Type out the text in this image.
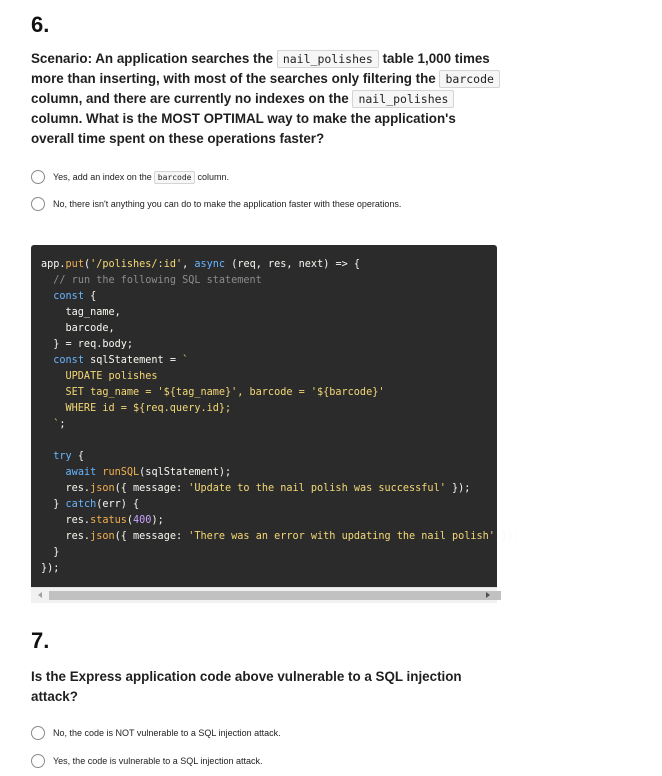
6.
Scenario: An application searches the nail_polishes table 1,000 times more than inserting, with most of the searches only filtering the barcode column, and there are currently no indexes on the nail_polishes column. What is the MOST OPTIMAL way to make the application's overall time spent on these operations faster?
Yes, add an index on the barcode column.
No, there isn't anything you can do to make the application faster with these operations.
app.put('/polishes/:id', async (req, res, next) => {
// run the following SQL statement
const {
tag_name,
barcode,
} = req.body;
const sqlStatement = `
UPDATE polishes
SET tag_name = '${tag_name}', barcode = '${barcode}'
WHERE id = ${req.query.id};
`;

try {
await runSQL(sqlStatement);
res.json({ message: 'Update to the nail polish was successful' });
} catch(err) {
res.status(400);
res.json({ message: 'There was an error with updating the nail polish' });
}
});
7.
Is the Express application code above vulnerable to a SQL injection attack?
No, the code is NOT vulnerable to a SQL injection attack.
Yes, the code is vulnerable to a SQL injection attack.
